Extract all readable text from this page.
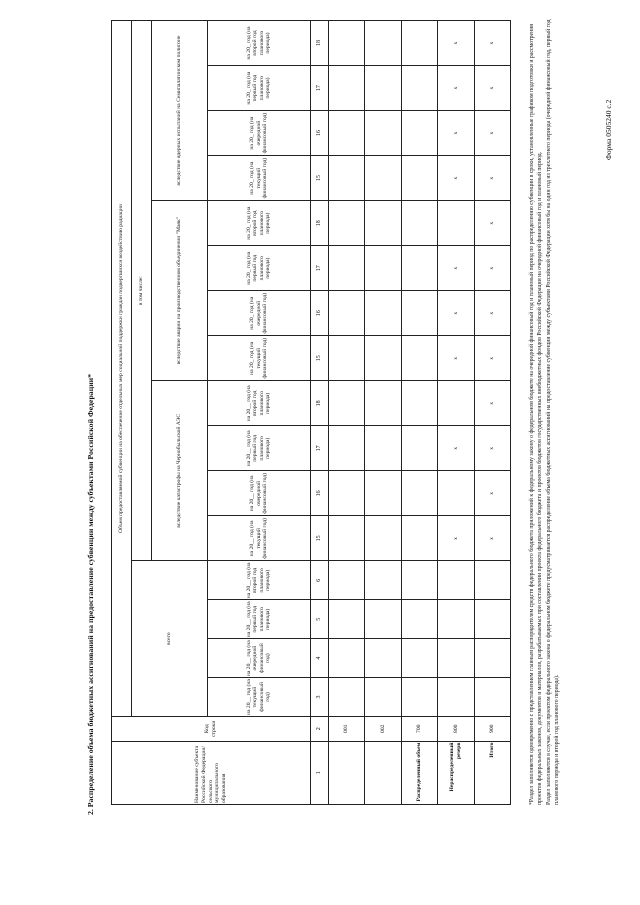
Форма 0505240 с.2
Наименование субъекта Российской Федерации/ сельского муниципального образования	Код строки	Объем предоставляемой субвенции на обеспечение отдельных мер социальной поддержки граждан подвергшихся воздействию радиации															
		всего				в том числе:											
						вследствие катастрофы на Чернобыльской АЭС				вследствие аварии на производственном объединении "Маяк"				вследствие ядерных испытаний на Семипалатинском полигоне			
		на 20__ год (на текущий финансовый год)	на 20__ год (на очередной финансовый год)	на 20__ год (на первый год планового периода)	на 20__ год (на второй год планового периода)	на 20__ год (на текущий финансовый год)	на 20__ год (на очередной финансовый год)	на 20__ год (на первый год планового периода)	на 20__ год (на второй год планового периода)	на 20_ год (на текущий финансовый год)	на 20_ год (на очередной финансовый год)	на 20_ год (на первый год планового периода)	на 20_ год (на второй год планового периода)	на 20_ год (на текущий финансовый год)	на 20_ год (на очередной финансовый год)	на 20_ год (на первый год планового периода)	на 20_ год (на второй год планового периода)
1	2	3	4	5	6	15	16	17	18	15	16	17	18	15	16	17	18
	001																
	002																
Распределенный объем	700																
Нераспределенный резерв	800					x		x		x	x	x		x	x	x	x
Итого	900					x	x	x	x	x	x	x	x	x	x	x	x	*Раздел заполняется одновременно с представлением главным распорядителем средств федерального бюджета приложений к федеральному закону о федеральном бюджете на очередной финансовый год и плановый период по распределению субвенции в сроки, установленные графиком подготовки и рассмотрения проектов федеральных законов, документов и материалов, разрабатываемых при составлении проекта федерального бюджета и проектов бюджетов государственных внебюджетных фондов Российской Федерации на очередной финансовый год и плановый период. Раздел заполняется в случае, если проектом федерального закона о федеральном бюджете предусматривается распределение объема бюджетных ассигнований на предоставление субвенции между субъектами Российской Федерации хотя бы на один год из трехлетнего периода (очередной финансовый год, первый год планового периода и второй год планового периода).

2. Распределение объема бюджетных ассигнований на предоставление субвенции между субъектами Российской Федерации*
